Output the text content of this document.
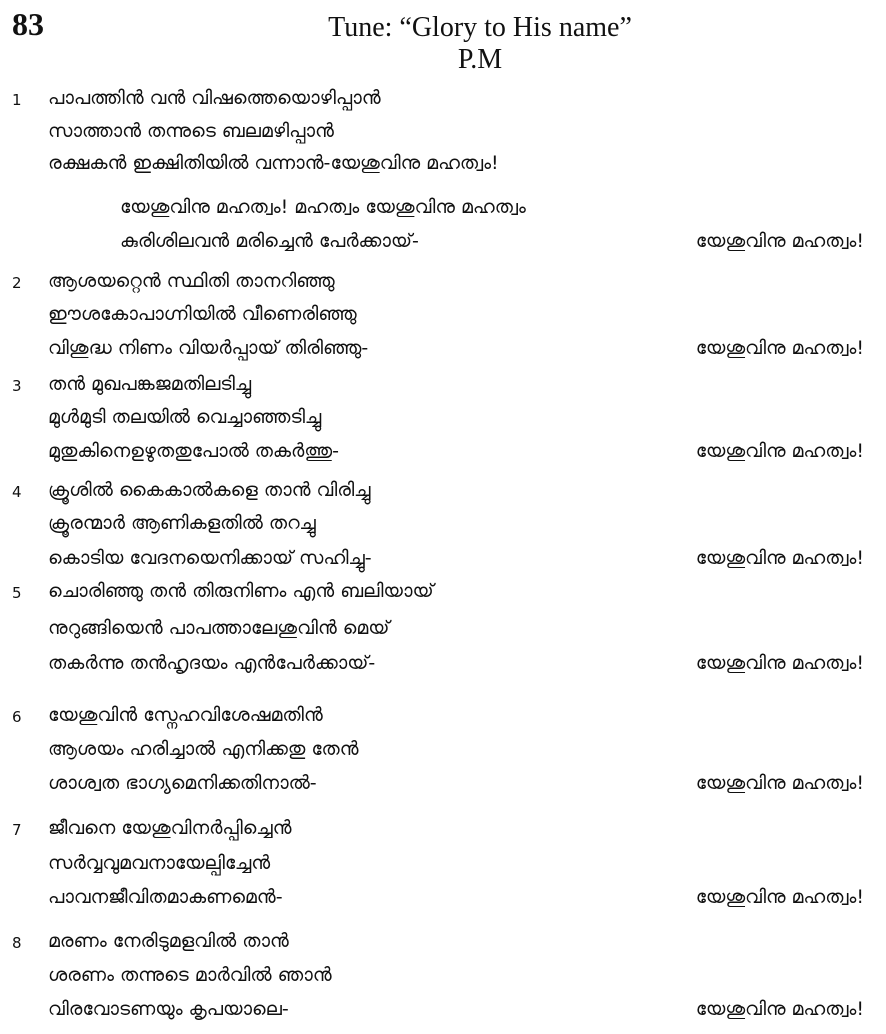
83	Tune: “Glory to His name”
P.M
1 പാപത്തിൻ വൻ വിഷത്തെയൊഴിപ്പാൻ
സാത്താൻ തന്നുടെ ബലമഴിപ്പാൻ
രക്ഷകൻ ഇക്ഷിതിയിൽ വന്നാൻ-യേശുവിനു മഹത്വം!
യേശുവിനു മഹത്വം! മഹത്വം യേശുവിനു മഹത്വം
കുരിശിലവൻ മരിച്ചെൻ പേർക്കായ്-	യേശുവിനു മഹത്വം!
2 ആശയറ്റെൻ സ്ഥിതി താനറിഞ്ഞു
ഈശകോപാഗ്നിയിൽ വീണെരിഞ്ഞു
വിശുദ്ധ നിണം വിയർപ്പായ് തിരിഞ്ഞു-	യേശുവിനു മഹത്വം!
3 തൻ മുഖപങ്കജമതിലടിച്ചു
മുൾമുടി തലയിൽ വെച്ചാഞ്ഞടിച്ചു
മുതുകിനെഉഴുതതുപോൽ തകർത്തു-	യേശുവിനു മഹത്വം!
4 ക്രൂശിൽ കൈകാൽകളെ താൻ വിരിച്ചു
ക്രൂരന്മാർ ആണികളതിൽ തറച്ചു
കൊടിയ വേദനയെനിക്കായ് സഹിച്ചു-	യേശുവിനു മഹത്വം!
5 ചൊരിഞ്ഞു തൻ തിരുനിണം എൻ ബലിയായ്
നുറുങ്ങിയെൻ പാപത്താലേശുവിൻ മെയ്
തകർന്നു തൻഹൃദയം എൻപേർക്കായ്-	യേശുവിനു മഹത്വം!
6 യേശുവിൻ സ്നേഹവിശേഷമതിൻ
ആശയം ഹരിച്ചാൽ എനിക്കതു തേൻ
ശാശ്വത ഭാഗ്യമെനിക്കതിനാൽ-	യേശുവിനു മഹത്വം!
7 ജീവനെ യേശുവിനർപ്പിച്ചെൻ
സർവ്വവുമവനായേല്പിച്ചേൻ
പാവനജീവിതമാകണമെൻ-	യേശുവിനു മഹത്വം!
8 മരണം നേരിടുമളവിൽ താൻ
ശരണം തന്നുടെ മാർവിൽ ഞാൻ
വിരവോടണയും കൃപയാലെ-	യേശുവിനു മഹത്വം!
